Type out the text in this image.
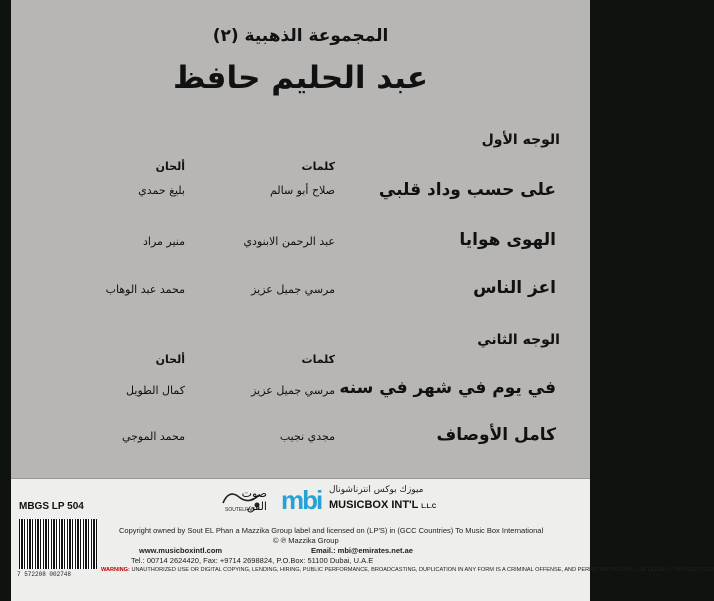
المجموعة الذهبية (٢)
عبد الحليم حافظ
الوجه الأول
كلمات
ألحان
على حسب وداد قلبي
صلاح أبو سالم
بليغ حمدي
الهوى هوايا
عبد الرحمن الابنودي
منير مراد
اعز الناس
مرسي جميل عزيز
محمد عبد الوهاب
الوجه الثاني
كلمات
ألحان
في يوم في شهر في سنه
مرسي جميل عزيز
كمال الطويل
كامل الأوصاف
مجدي نجيب
محمد الموجي
MBGS LP 504
صوت الفن
SOUTELFAN mbi ميوزك بوكس انترناشونال
MUSICBOX INT'L L.L.C
Copyright owned by Sout EL Phan a Mazzika Group label and licensed on (LP'S) in (GCC Countries) To Music Box International
© ℗ Mazzika Group
www.musicboxintl.com	Email.: mbi@emirates.net.ae
Tel.: 00714 2624420, Fax: +9714 2698824, P.O.Box: 51100 Dubai, U.A.E
7 572208 002748
WARNING: UNAUTHORIZED USE OR DIGITAL COPYING, LENDING, HIRING, PUBLIC PERFORMANCE, BROADCASTING, DUPLICATION IN ANY FORM IS A CRIMINAL OFFENSE, AND PERPETRATORS WILL BE LEGALLY PROSECUTED!
